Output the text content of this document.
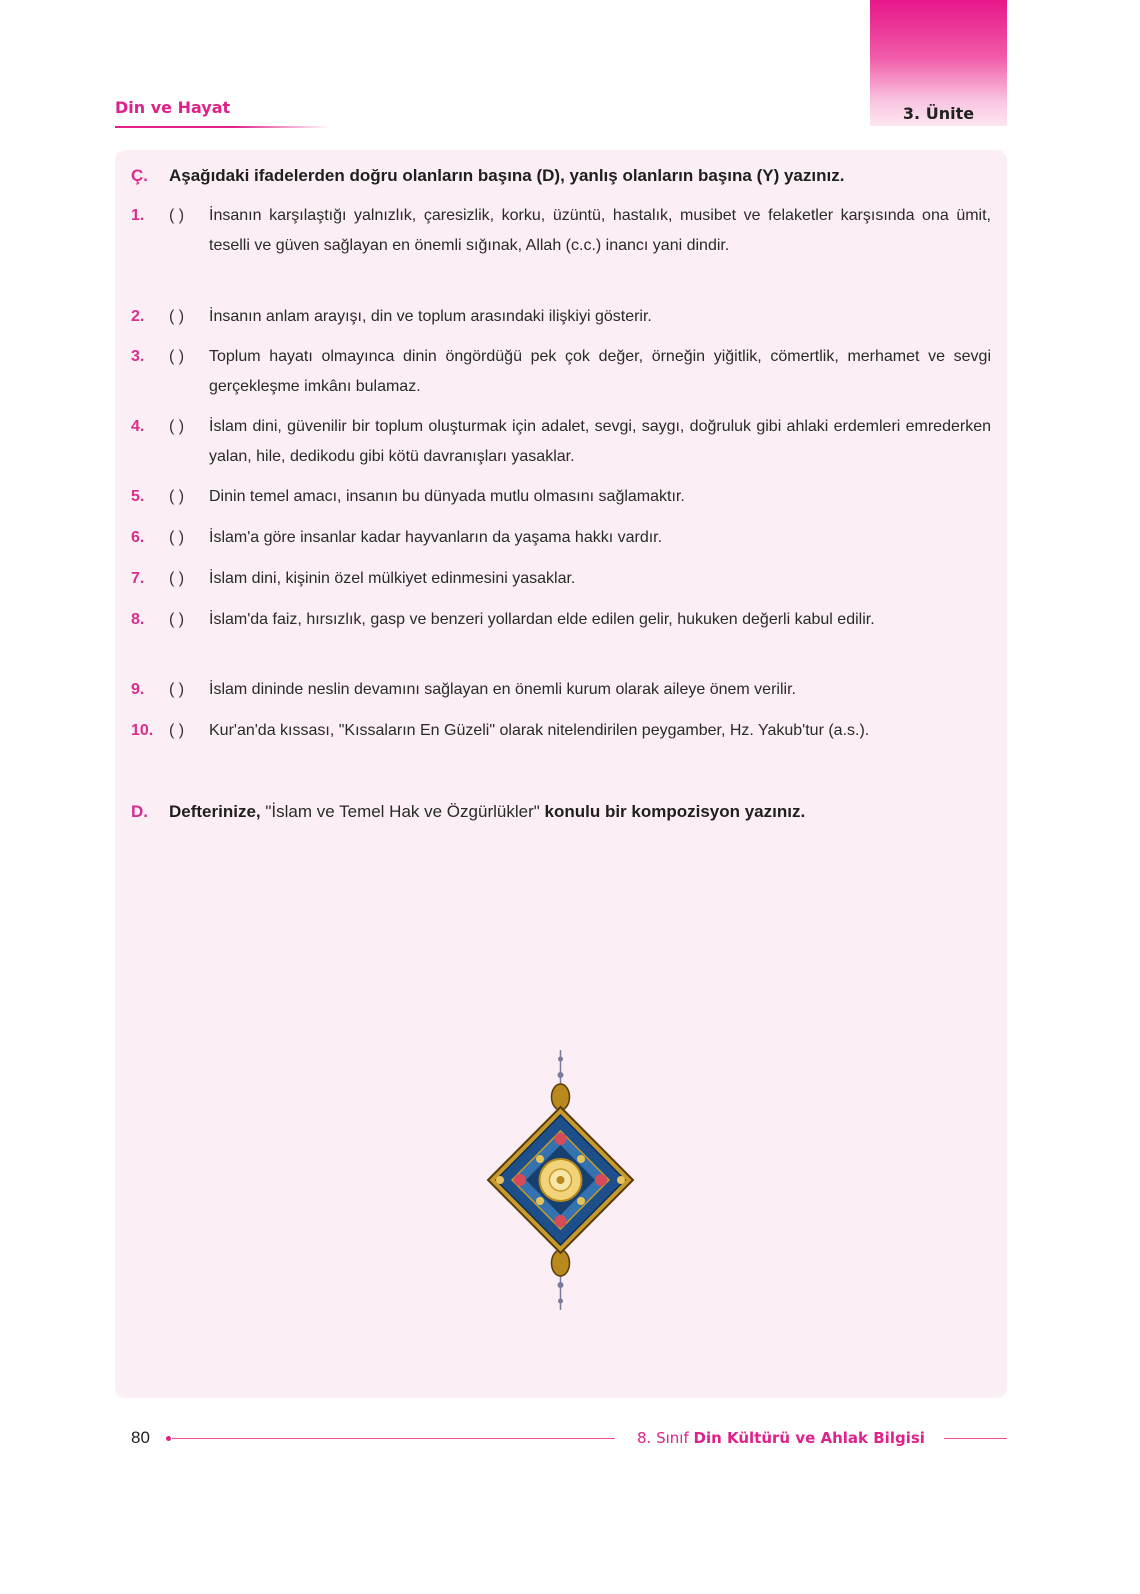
3. Ünite
Din ve Hayat
Ç. Aşağıdaki ifadelerden doğru olanların başına (D), yanlış olanların başına (Y) yazınız.
1. ( ) İnsanın karşılaştığı yalnızlık, çaresizlik, korku, üzüntü, hastalık, musibet ve felaketler karşısında ona ümit, teselli ve güven sağlayan en önemli sığınak, Allah (c.c.) inancı yani dindir.
2. ( ) İnsanın anlam arayışı, din ve toplum arasındaki ilişkiyi gösterir.
3. ( ) Toplum hayatı olmayınca dinin öngördüğü pek çok değer, örneğin yiğitlik, cömertlik, merhamet ve sevgi gerçekleşme imkânı bulamaz.
4. ( ) İslam dini, güvenilir bir toplum oluşturmak için adalet, sevgi, saygı, doğruluk gibi ahlaki erdemleri emrederken yalan, hile, dedikodu gibi kötü davranışları yasaklar.
5. ( ) Dinin temel amacı, insanın bu dünyada mutlu olmasını sağlamaktır.
6. ( ) İslam'a göre insanlar kadar hayvanların da yaşama hakkı vardır.
7. ( ) İslam dini, kişinin özel mülkiyet edinmesini yasaklar.
8. ( ) İslam'da faiz, hırsızlık, gasp ve benzeri yollardan elde edilen gelir, hukuken değerli kabul edilir.
9. ( ) İslam dininde neslin devamını sağlayan en önemli kurum olarak aileye önem verilir.
10. ( ) Kur'an'da kıssası, "Kıssaların En Güzeli" olarak nitelendirilen peygamber, Hz. Yakub'tur (a.s.).
D. Defterinize, "İslam ve Temel Hak ve Özgürlükler" konulu bir kompozisyon yazınız.
80	8. Sınıf Din Kültürü ve Ahlak Bilgisi
